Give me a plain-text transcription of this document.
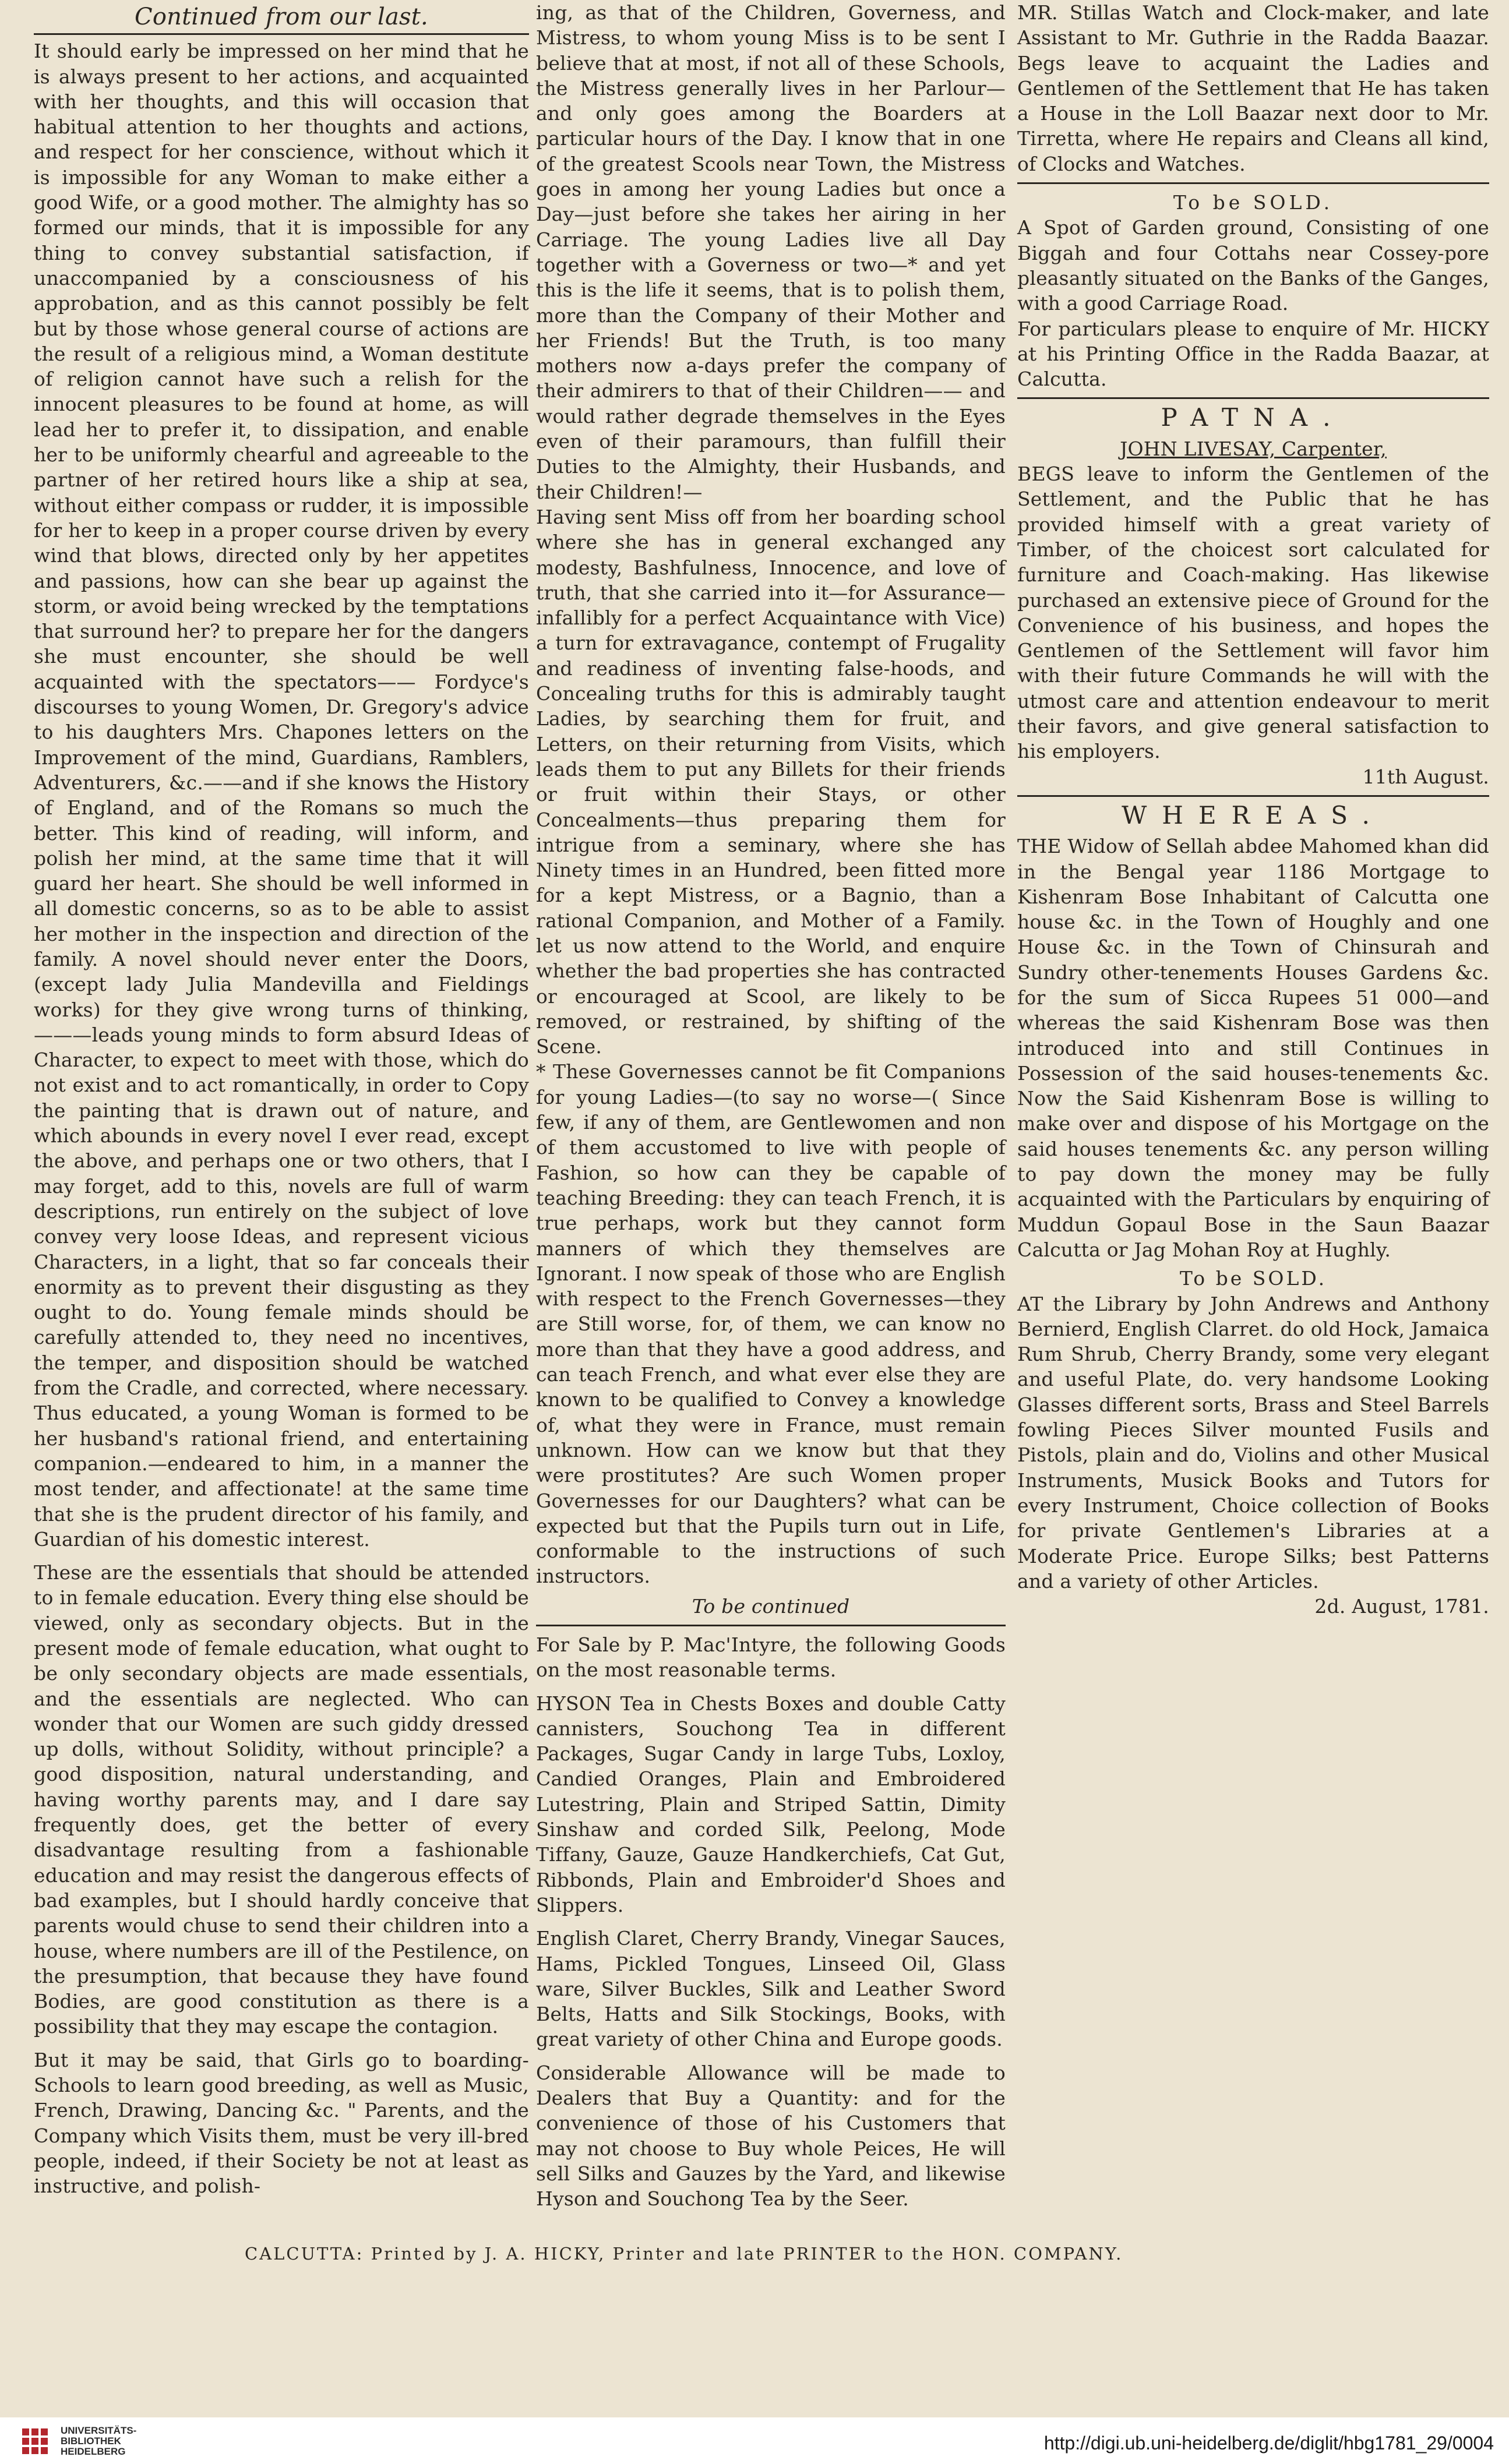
Continued from our last.

It should early be impressed on her mind that he is always present to her actions, and acquainted with her thoughts, and this will occasion that habitual attention to her thoughts and actions, and respect for her conscience, without which it is impossible for any Woman to make either a good Wife, or a good mother. The almighty has so formed our minds, that it is impossible for any thing to convey substantial satisfaction, if unaccompanied by a consciousness of his approbation, and as this cannot possibly be felt but by those whose general course of actions are the result of a religious mind, a Woman destitute of religion cannot have such a relish for the innocent pleasures to be found at home, as will lead her to prefer it, to dissipation, and enable her to be uniformly chearful and agreeable to the partner of her retired hours like a ship at sea, without either compass or rudder, it is impossible for her to keep in a proper course driven by every wind that blows, directed only by her appetites and passions, how can she bear up against the storm, or avoid being wrecked by the temptations that surround her? to prepare her for the dangers she must encounter, she should be well acquainted with the spectators—— Fordyce's discourses to young Women, Dr. Gregory's advice to his daughters Mrs. Chapones letters on the Improvement of the mind, Guardians, Ramblers, Adventurers, &c.——and if she knows the History of England, and of the Romans so much the better. This kind of reading, will inform, and polish her mind, at the same time that it will guard her heart. She should be well informed in all domestic concerns, so as to be able to assist her mother in the inspection and direction of the family. A novel should never enter the Doors, (except lady Julia Mandevilla and Fieldings works) for they give wrong turns of thinking,———leads young minds to form absurd Ideas of Character, to expect to meet with those, which do not exist and to act romantically, in order to Copy the painting that is drawn out of nature, and which abounds in every novel I ever read, except the above, and perhaps one or two others, that I may forget, add to this, novels are full of warm descriptions, run entirely on the subject of love convey very loose Ideas, and represent vicious Characters, in a light, that so far conceals their enormity as to prevent their disgusting as they ought to do. Young female minds should be carefully attended to, they need no incentives, the temper, and disposition should be watched from the Cradle, and corrected, where necessary. Thus educated, a young Woman is formed to be her husband's rational friend, and entertaining companion.—endeared to him, in a manner the most tender, and affectionate! at the same time that she is the prudent director of his family, and Guardian of his domestic interest.

These are the essentials that should be attended to in female education. Every thing else should be viewed, only as secondary objects. But in the present mode of female education, what ought to be only secondary objects are made essentials, and the essentials are neglected. Who can wonder that our Women are such giddy dressed up dolls, without Solidity, without principle? a good disposition, natural understanding, and having worthy parents may, and I dare say frequently does, get the better of every disadvantage resulting from a fashionable education and may resist the dangerous effects of bad examples, but I should hardly conceive that parents would chuse to send their children into a house, where numbers are ill of the Pestilence, on the presumption, that because they have found Bodies, are good constitution as there is a possibility that they may escape the contagion.

But it may be said, that Girls go to boarding-Schools to learn good breeding, as well as Music, French, Drawing, Dancing &c. " Parents, and the Company which Visits them, must be very ill-bred people, indeed, if their Society be not at least as instructive, and polish-

ing, as that of the Children, Governess, and Mistress, to whom young Miss is to be sent I believe that at most, if not all of these Schools, the Mistress generally lives in her Parlour—and only goes among the Boarders at particular hours of the Day. I know that in one of the greatest Scools near Town, the Mistress goes in among her young Ladies but once a Day—just before she takes her airing in her Carriage. The young Ladies live all Day together with a Governess or two—* and yet this is the life it seems, that is to polish them, more than the Company of their Mother and her Friends! But the Truth, is too many mothers now a-days prefer the company of their admirers to that of their Children—— and would rather degrade themselves in the Eyes even of their paramours, than fulfill their Duties to the Almighty, their Husbands, and their Children!—

Having sent Miss off from her boarding school where she has in general exchanged any modesty, Bashfulness, Innocence, and love of truth, that she carried into it—for Assurance—infallibly for a perfect Acquaintance with Vice) a turn for extravagance, contempt of Frugality and readiness of inventing false-hoods, and Concealing truths for this is admirably taught Ladies, by searching them for fruit, and Letters, on their returning from Visits, which leads them to put any Billets for their friends or fruit within their Stays, or other Concealments—thus preparing them for intrigue from a seminary, where she has Ninety times in an Hundred, been fitted more for a kept Mistress, or a Bagnio, than a rational Companion, and Mother of a Family. let us now attend to the World, and enquire whether the bad properties she has contracted or encouraged at Scool, are likely to be removed, or restrained, by shifting of the Scene.

* These Governesses cannot be fit Companions for young Ladies—(to say no worse—( Since few, if any of them, are Gentlewomen and non of them accustomed to live with people of Fashion, so how can they be capable of teaching Breeding: they can teach French, it is true perhaps, work but they cannot form manners of which they themselves are Ignorant. I now speak of those who are English with respect to the French Governesses—they are Still worse, for, of them, we can know no more than that they have a good address, and can teach French, and what ever else they are known to be qualified to Convey a knowledge of, what they were in France, must remain unknown. How can we know but that they were prostitutes? Are such Women proper Governesses for our Daughters? what can be expected but that the Pupils turn out in Life, conformable to the instructions of such instructors.

To be continued

For Sale by P. Mac'Intyre, the following Goods on the most reasonable terms.

HYSON Tea in Chests Boxes and double Catty cannisters, Souchong Tea in different Packages, Sugar Candy in large Tubs, Loxloy, Candied Oranges, Plain and Embroidered Lutestring, Plain and Striped Sattin, Dimity Sinshaw and corded Silk, Peelong, Mode Tiffany, Gauze, Gauze Handkerchiefs, Cat Gut, Ribbonds, Plain and Embroider'd Shoes and Slippers.

English Claret, Cherry Brandy, Vinegar Sauces, Hams, Pickled Tongues, Linseed Oil, Glass ware, Silver Buckles, Silk and Leather Sword Belts, Hatts and Silk Stockings, Books, with great variety of other China and Europe goods.

Considerable Allowance will be made to Dealers that Buy a Quantity: and for the convenience of those of his Customers that may not choose to Buy whole Peices, He will sell Silks and Gauzes by the Yard, and likewise Hyson and Souchong Tea by the Seer.

MR. Stillas Watch and Clock-maker, and late Assistant to Mr. Guthrie in the Radda Baazar. Begs leave to acquaint the Ladies and Gentlemen of the Settlement that He has taken a House in the Loll Baazar next door to Mr. Tirretta, where He repairs and Cleans all kind, of Clocks and Watches.

To be SOLD.

A Spot of Garden ground, Consisting of one Biggah and four Cottahs near Cossey-pore pleasantly situated on the Banks of the Ganges, with a good Carriage Road.

For particulars please to enquire of Mr. HICKY at his Printing Office in the Radda Baazar, at Calcutta.

PATNA.
JOHN LIVESAY, Carpenter,

BEGS leave to inform the Gentlemen of the Settlement, and the Public that he has provided himself with a great variety of Timber, of the choicest sort calculated for furniture and Coach-making. Has likewise purchased an extensive piece of Ground for the Convenience of his business, and hopes the Gentlemen of the Settlement will favor him with their future Commands he will with the utmost care and attention endeavour to merit their favors, and give general satisfaction to his employers.

11th August.
WHEREAS.

THE Widow of Sellah abdee Mahomed khan did in the Bengal year 1186 Mortgage to Kishenram Bose Inhabitant of Calcutta one house &c. in the Town of Houghly and one House &c. in the Town of Chinsurah and Sundry other-tenements Houses Gardens &c. for the sum of Sicca Rupees 51 000—and whereas the said Kishenram Bose was then introduced into and still Continues in Possession of the said houses-tenements &c. Now the Said Kishenram Bose is willing to make over and dispose of his Mortgage on the said houses tenements &c. any person willing to pay down the money may be fully acquainted with the Particulars by enquiring of Muddun Gopaul Bose in the Saun Baazar Calcutta or Jag Mohan Roy at Hughly.

To be SOLD.

AT the Library by John Andrews and Anthony Bernierd, English Clarret. do old Hock, Jamaica Rum Shrub, Cherry Brandy, some very elegant and useful Plate, do. very handsome Looking Glasses different sorts, Brass and Steel Barrels fowling Pieces Silver mounted Fusils and Pistols, plain and do, Violins and other Musical Instruments, Musick Books and Tutors for every Instrument, Choice collection of Books for private Gentlemen's Libraries at a Moderate Price. Europe Silks; best Patterns and a variety of other Articles.

2d. August, 1781.
CALCUTTA: Printed by J. A. HICKY, Printer and late PRINTER to the HON. COMPANY.
UNIVERSITÄTS-
BIBLIOTHEK
HEIDELBERG	http://digi.ub.uni-heidelberg.de/diglit/hbg1781_29/0004
